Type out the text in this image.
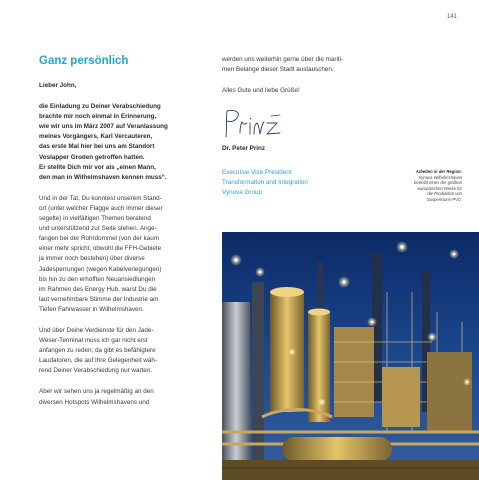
141
Ganz persönlich
Lieber John,
die Einladung zu Deiner Verabschiedung
brachte mir noch einmal in Erinnerung,
wie wir uns im März 2007 auf Veranlassung
meines Vorgängers, Karl Vercauteren,
das erste Mal hier bei uns am Standort
Voslapper Groden getroffen hatten.
Er stellte Dich mir vor als „einen Mann,
den man in Wilhelmshaven kennen muss“.
Und in der Tat, Du konntest unserem Stand-
ort (unter welcher Flagge auch immer dieser
segelte) in vielfältigen Themen beratend
und unterstützend zur Seite stehen. Ange-
fangen bei der Rohrdommel (von der kaum
einer mehr spricht, obwohl die FFH-Gebiete
ja immer noch bestehen) über diverse
Jadesperrungen (wegen Kabelverlegungen)
bis hin zu den erhofften Neuansiedlungen
im Rahmen des Energy Hub, warst Du die
laut vernehmbare Stimme der Industrie am
Tiefen Fahrwasser in Wilhelmshaven.
Und über Deine Verdienste für den Jade-
Weser-Terminal muss ich gar nicht erst
anfangen zu reden; da gibt es befähigtere
Laudatoren, die auf Ihre Gelegenheit wäh-
rend Deiner Verabschiedung nur warten.
Aber wir sehen uns ja regelmäßig an den
diversen Hotspots Wilhelmshavens und
werden uns weiterhin gerne über die mariti-
men Belange dieser Stadt austauschen.
Alles Gute und liebe Grüße!
Dr. Peter Prinz
Executive Vice President
Transformation and Integration
Vynova Group
Arbeiten in der Region:
Vynova Wilhelmshaven
betreibt eines der größten
europäischen Werke für
die Produktion von
Suspensions-PVC.
